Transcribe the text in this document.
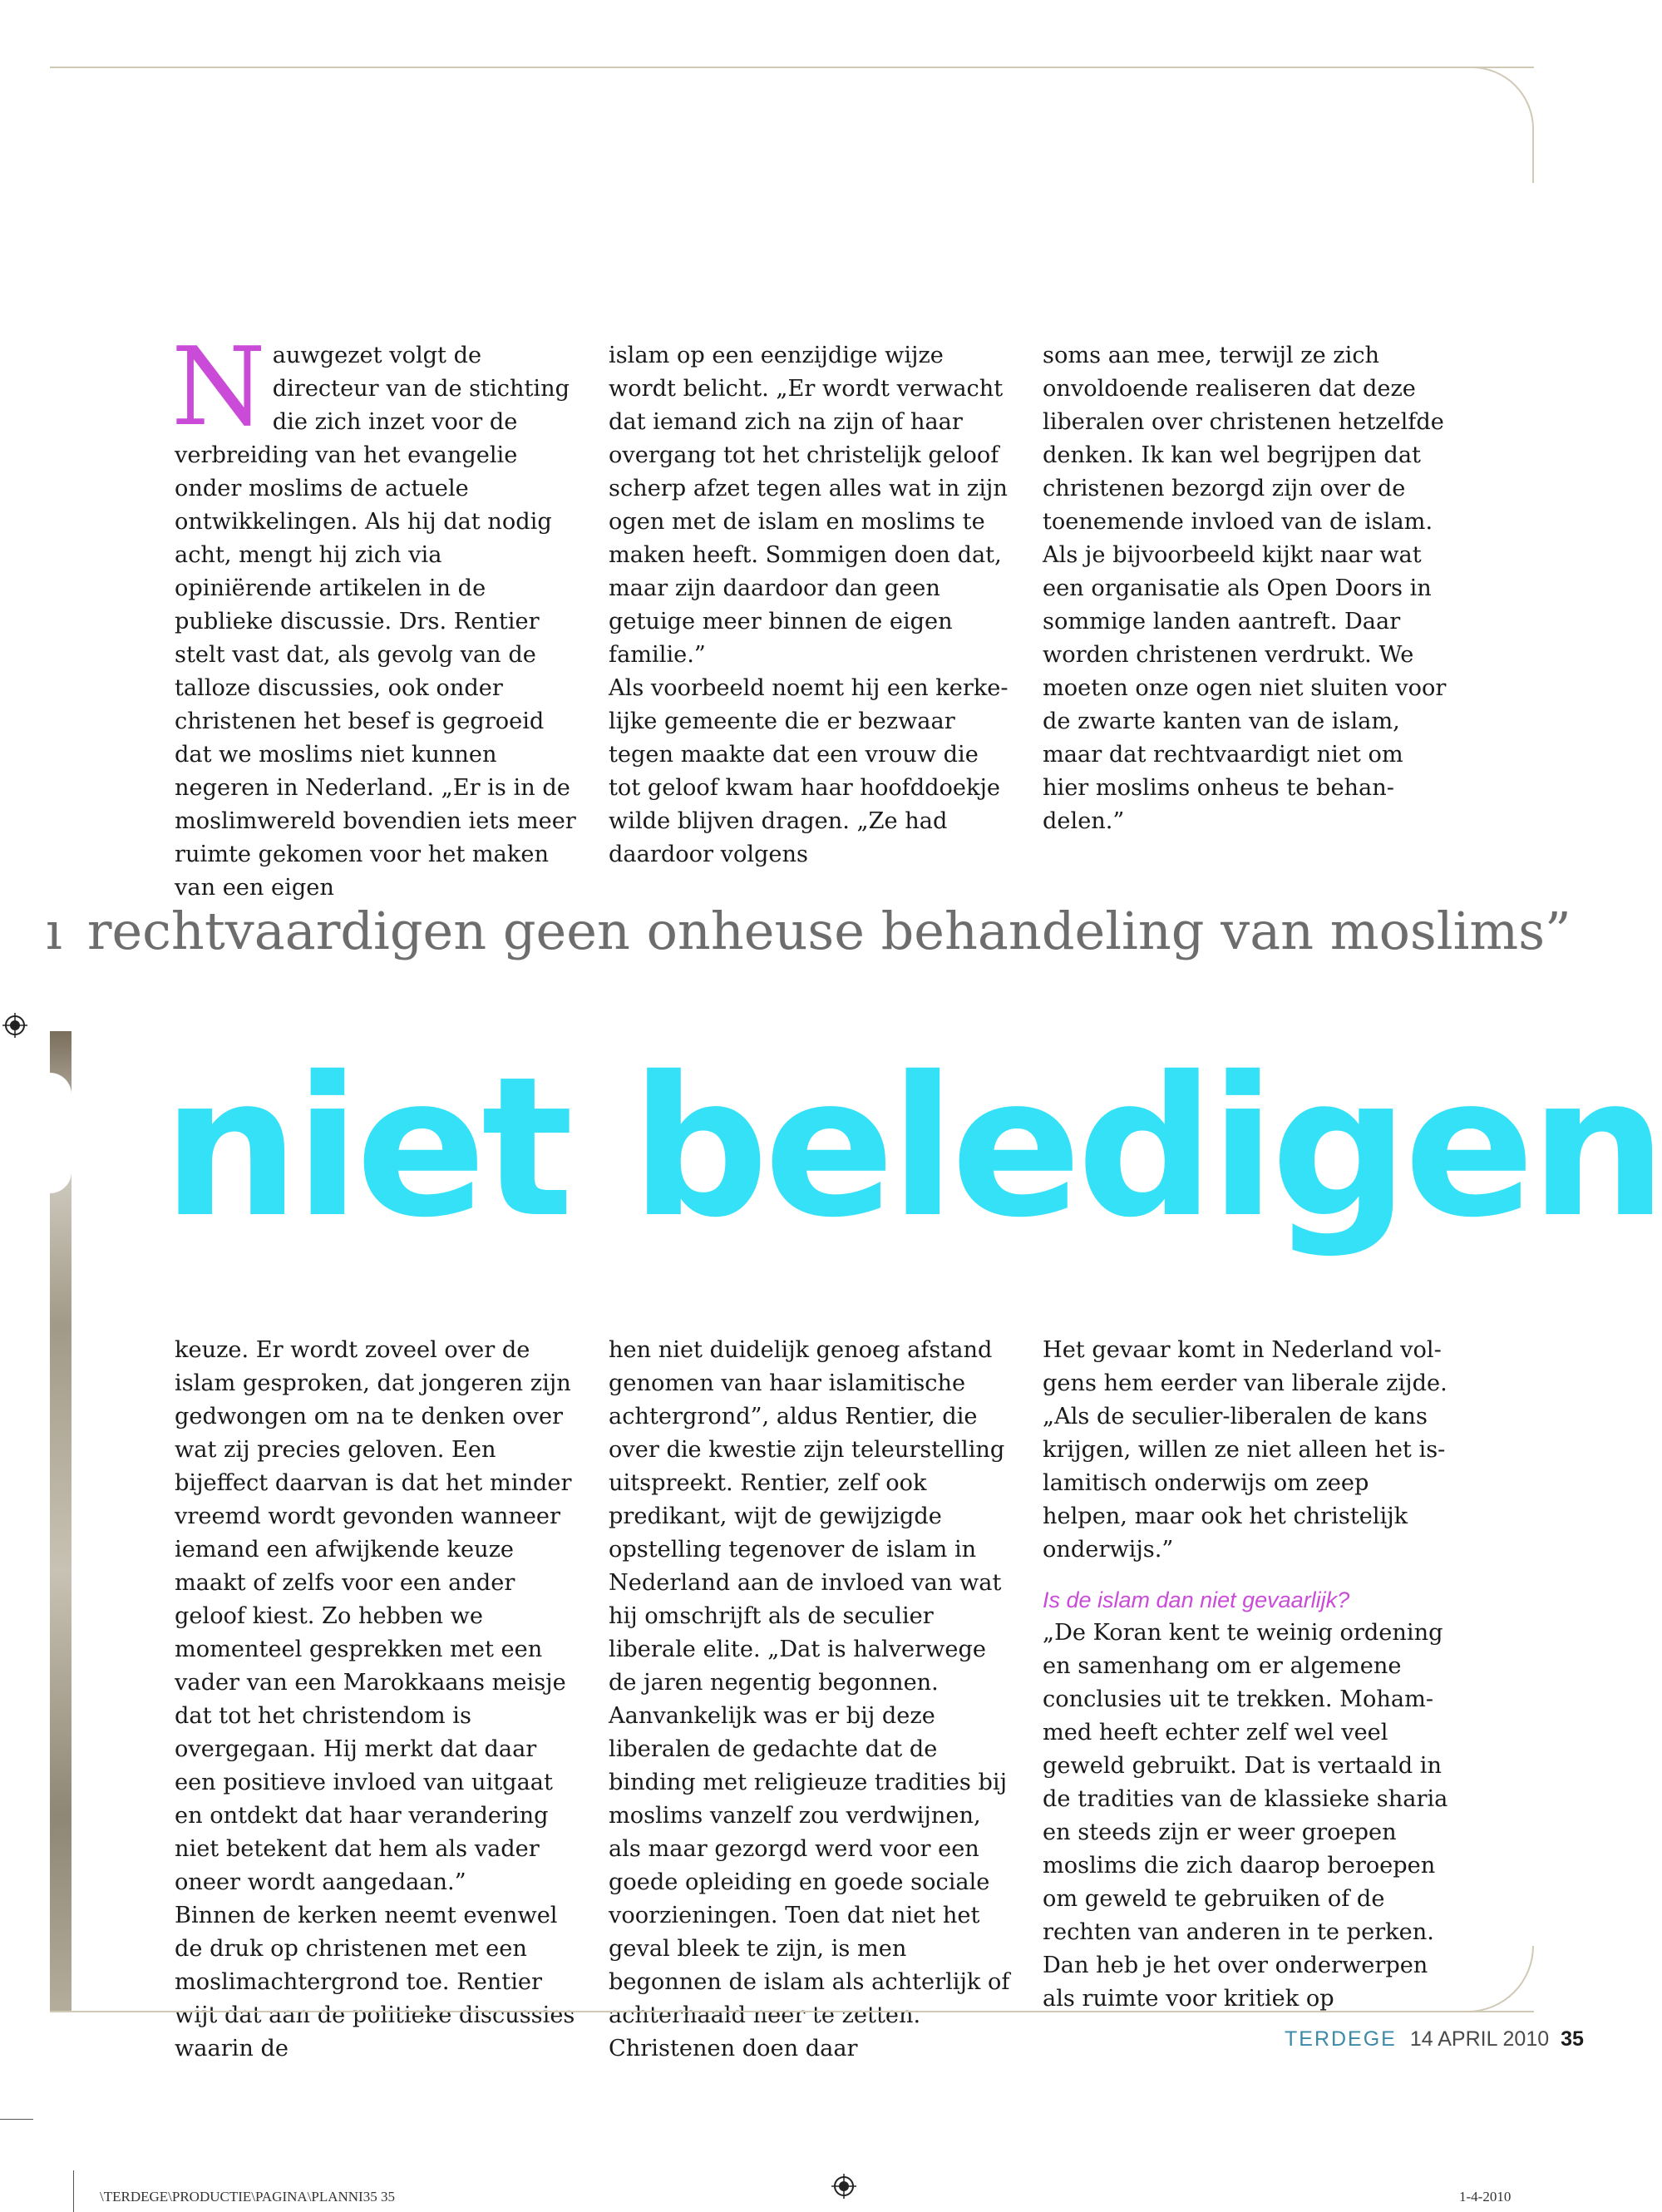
Nauwgezet volgt de directeur van de stichting die zich inzet voor de verbreiding van het evangelie onder moslims de actuele ontwikkelingen. Als hij dat nodig acht, mengt hij zich via opiniërende artikelen in de publieke discussie. Drs. Rentier stelt vast dat, als gevolg van de talloze discussies, ook onder christenen het besef is gegroeid dat we moslims niet kunnen negeren in Nederland. „Er is in de moslimwereld bovendien iets meer ruimte gekomen voor het maken van een eigen

islam op een eenzijdige wijze wordt belicht. „Er wordt verwacht dat iemand zich na zijn of haar overgang tot het christelijk geloof scherp afzet tegen alles wat in zijn ogen met de islam en moslims te maken heeft. Sommigen doen dat, maar zijn daardoor dan geen getuige meer binnen de eigen familie.”

Als voorbeeld noemt hij een kerkelijke gemeente die er bezwaar tegen maakte dat een vrouw die tot geloof kwam haar hoofddoekje wilde blijven dragen. „Ze had daardoor volgens

soms aan mee, terwijl ze zich onvoldoende realiseren dat deze liberalen over christenen hetzelfde denken. Ik kan wel begrijpen dat christenen bezorgd zijn over de toenemende invloed van de islam. Als je bijvoorbeeld kijkt naar wat een organisatie als Open Doors in sommige landen aantreft. Daar worden christenen verdrukt. We moeten onze ogen niet sluiten voor de zwarte kanten van de islam, maar dat rechtvaardigt niet om hier moslims onheus te behandelen.”

ı rechtvaardigen geen onheuse behandeling van moslims”
niet beledigen

keuze. Er wordt zoveel over de islam gesproken, dat jongeren zijn gedwongen om na te denken over wat zij precies geloven. Een bijeffect daarvan is dat het minder vreemd wordt gevonden wanneer iemand een afwijkende keuze maakt of zelfs voor een ander geloof kiest. Zo hebben we momenteel gesprekken met een vader van een Marokkaans meisje dat tot het christendom is overgegaan. Hij merkt dat daar een positieve invloed van uitgaat en ontdekt dat haar verandering niet betekent dat hem als vader oneer wordt aangedaan.”

Binnen de kerken neemt evenwel de druk op christenen met een moslimachtergrond toe. Rentier wijt dat aan de politieke discussies waarin de

hen niet duidelijk genoeg afstand genomen van haar islamitische achtergrond”, aldus Rentier, die over die kwestie zijn teleurstelling uitspreekt. Rentier, zelf ook predikant, wijt de gewijzigde opstelling tegenover de islam in Nederland aan de invloed van wat hij omschrijft als de seculier liberale elite. „Dat is halverwege de jaren negentig begonnen. Aanvankelijk was er bij deze liberalen de gedachte dat de binding met religieuze tradities bij moslims vanzelf zou verdwijnen, als maar gezorgd werd voor een goede opleiding en goede sociale voorzieningen. Toen dat niet het geval bleek te zijn, is men begonnen de islam als achterlijk of achterhaald neer te zetten. Christenen doen daar

Het gevaar komt in Nederland volgens hem eerder van liberale zijde. „Als de seculier-liberalen de kans krijgen, willen ze niet alleen het islamitisch onderwijs om zeep helpen, maar ook het christelijk onderwijs.”

Is de islam dan niet gevaarlijk?

„De Koran kent te weinig ordening en samenhang om er algemene conclusies uit te trekken. Mohammed heeft echter zelf wel veel geweld gebruikt. Dat is vertaald in de tradities van de klassieke sharia en steeds zijn er weer groepen moslims die zich daarop beroepen om geweld te gebruiken of de rechten van anderen in te perken. Dan heb je het over onderwerpen als ruimte voor kritiek op

TERDEGE 14 APRIL 2010 35
\TERDEGE\PRODUCTIE\PAGINA\PLANNI35 35	1-4-2010
